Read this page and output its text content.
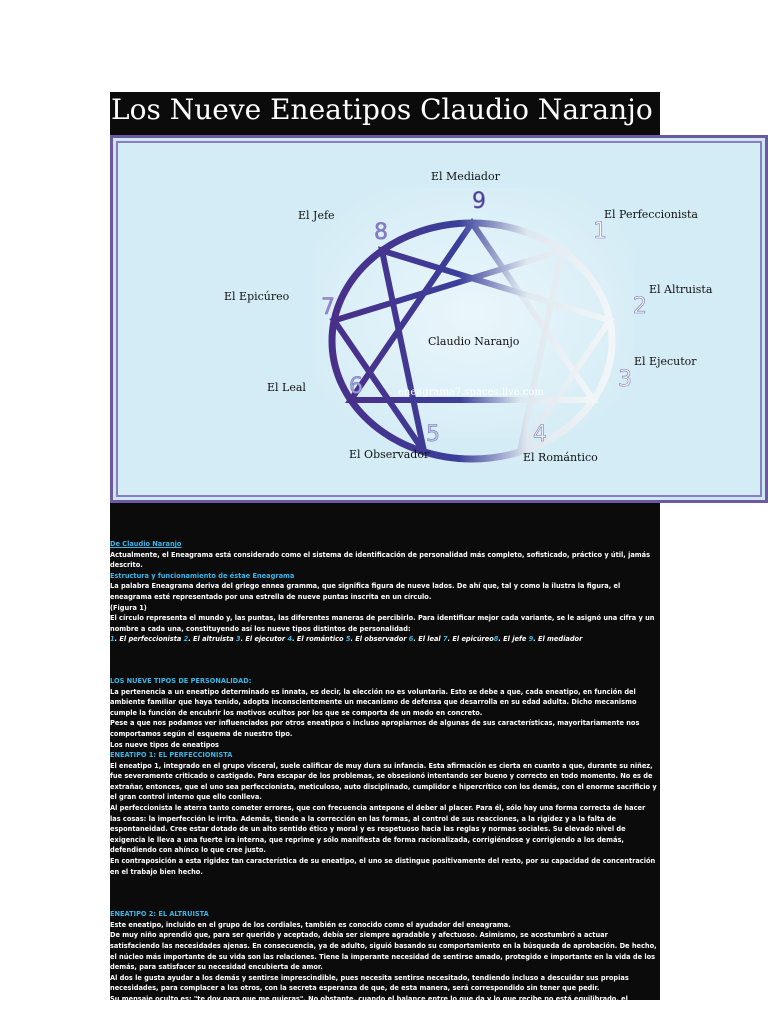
Los Nueve Eneatipos Claudio Naranjo
9
1
2
3
4
5
6
7
8
El Mediador
El Perfeccionista
El Altruista
El Ejecutor
El Romántico
El Observador
El Leal
El Epicúreo
El Jefe
Claudio Naranjo
eneagrama7.spaces.live.com

De Claudio Naranjo

Actualmente, el Eneagrama está considerado como el sistema de identificación de personalidad más completo, sofisticado, práctico y útil, jamás descrito.

Estructura y funcionamiento de éstae Eneagrama

La palabra Eneagrama deriva del griego ennea gramma, que significa figura de nueve lados. De ahí que, tal y como la ilustra la figura, el eneagrama esté representado por una estrella de nueve puntas inscrita en un círculo.

(Figura 1)

El círculo representa el mundo y, las puntas, las diferentes maneras de percibirlo. Para identificar mejor cada variante, se le asignó una cifra y un nombre a cada una, constituyendo así los nueve tipos distintos de personalidad:

1. El perfeccionista 2. El altruista 3. El ejecutor 4. El romántico 5. El observador 6. El leal 7. El epicúreo8. El jefe 9. El mediador

LOS NUEVE TIPOS DE PERSONALIDAD:

La pertenencia a un eneatipo determinado es innata, es decir, la elección no es voluntaria. Esto se debe a que, cada eneatipo, en función del ambiente familiar que haya tenido, adopta inconscientemente un mecanismo de defensa que desarrolla en su edad adulta. Dicho mecanismo cumple la función de encubrir los motivos ocultos por los que se comporta de un modo en concreto.

Pese a que nos podamos ver influenciados por otros eneatipos o incluso apropiarnos de algunas de sus características, mayoritariamente nos comportamos según el esquema de nuestro tipo.

Los nueve tipos de eneatipos

ENEATIPO 1: EL PERFECCIONISTA

El eneatipo 1, integrado en el grupo visceral, suele calificar de muy dura su infancia. Esta afirmación es cierta en cuanto a que, durante su niñez, fue severamente criticado o castigado. Para escapar de los problemas, se obsesionó intentando ser bueno y correcto en todo momento. No es de extrañar, entonces, que el uno sea perfeccionista, meticuloso, auto disciplinado, cumplidor e hipercrítico con los demás, con el enorme sacrificio y el gran control interno que ello conlleva.

Al perfeccionista le aterra tanto cometer errores, que con frecuencia antepone el deber al placer. Para él, sólo hay una forma correcta de hacer las cosas: la imperfección le irrita. Además, tiende a la corrección en las formas, al control de sus reacciones, a la rigidez y a la falta de espontaneidad. Cree estar dotado de un alto sentido ético y moral y es respetuoso hacia las reglas y normas sociales. Su elevado nivel de exigencia le lleva a una fuerte ira interna, que reprime y sólo manifiesta de forma racionalizada, corrigiéndose y corrigiendo a los demás, defendiendo con ahínco lo que cree justo.

En contraposición a esta rigidez tan característica de su eneatipo, el uno se distingue positivamente del resto, por su capacidad de concentración en el trabajo bien hecho.

ENEATIPO 2: EL ALTRUISTA

Este eneatipo, incluido en el grupo de los cordiales, también es conocido como el ayudador del eneagrama.

De muy niño aprendió que, para ser querido y aceptado, debía ser siempre agradable y afectuoso. Asimismo, se acostumbró a actuar satisfaciendo las necesidades ajenas. En consecuencia, ya de adulto, siguió basando su comportamiento en la búsqueda de aprobación. De hecho, el núcleo más importante de su vida son las relaciones. Tiene la imperante necesidad de sentirse amado, protegido e importante en la vida de los demás, para satisfacer su necesidad encubierta de amor.

Al dos le gusta ayudar a los demás y sentirse imprescindible, pues necesita sentirse necesitado, tendiendo incluso a descuidar sus propias necesidades, para complacer a los otros, con la secreta esperanza de que, de esta manera, será correspondido sin tener que pedir.

Su mensaje oculto es: "te doy para que me quieras". No obstante, cuando el balance entre lo que da y lo que recibe no está equilibrado, el altruista se siente explotado y decepcionado. Es en estos momentos cuando exterioriza su mayor defecto, el orgullo. Sin embargo, también se sirve de la
